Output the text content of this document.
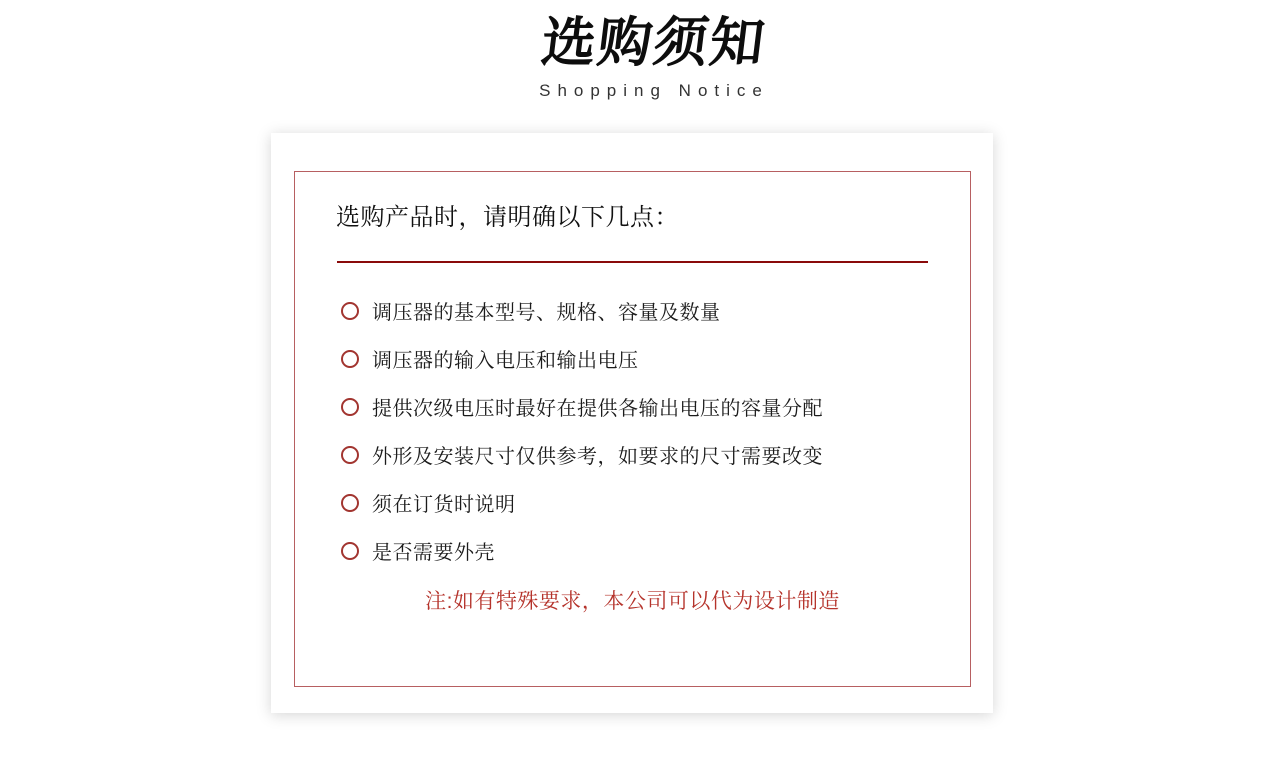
选购须知
Shopping Notice
选购产品时，请明确以下几点：
调压器的基本型号、规格、容量及数量
调压器的输入电压和输出电压
提供次级电压时最好在提供各输出电压的容量分配
外形及安装尺寸仅供参考，如要求的尺寸需要改变
须在订货时说明
是否需要外壳
注:如有特殊要求，本公司可以代为设计制造
